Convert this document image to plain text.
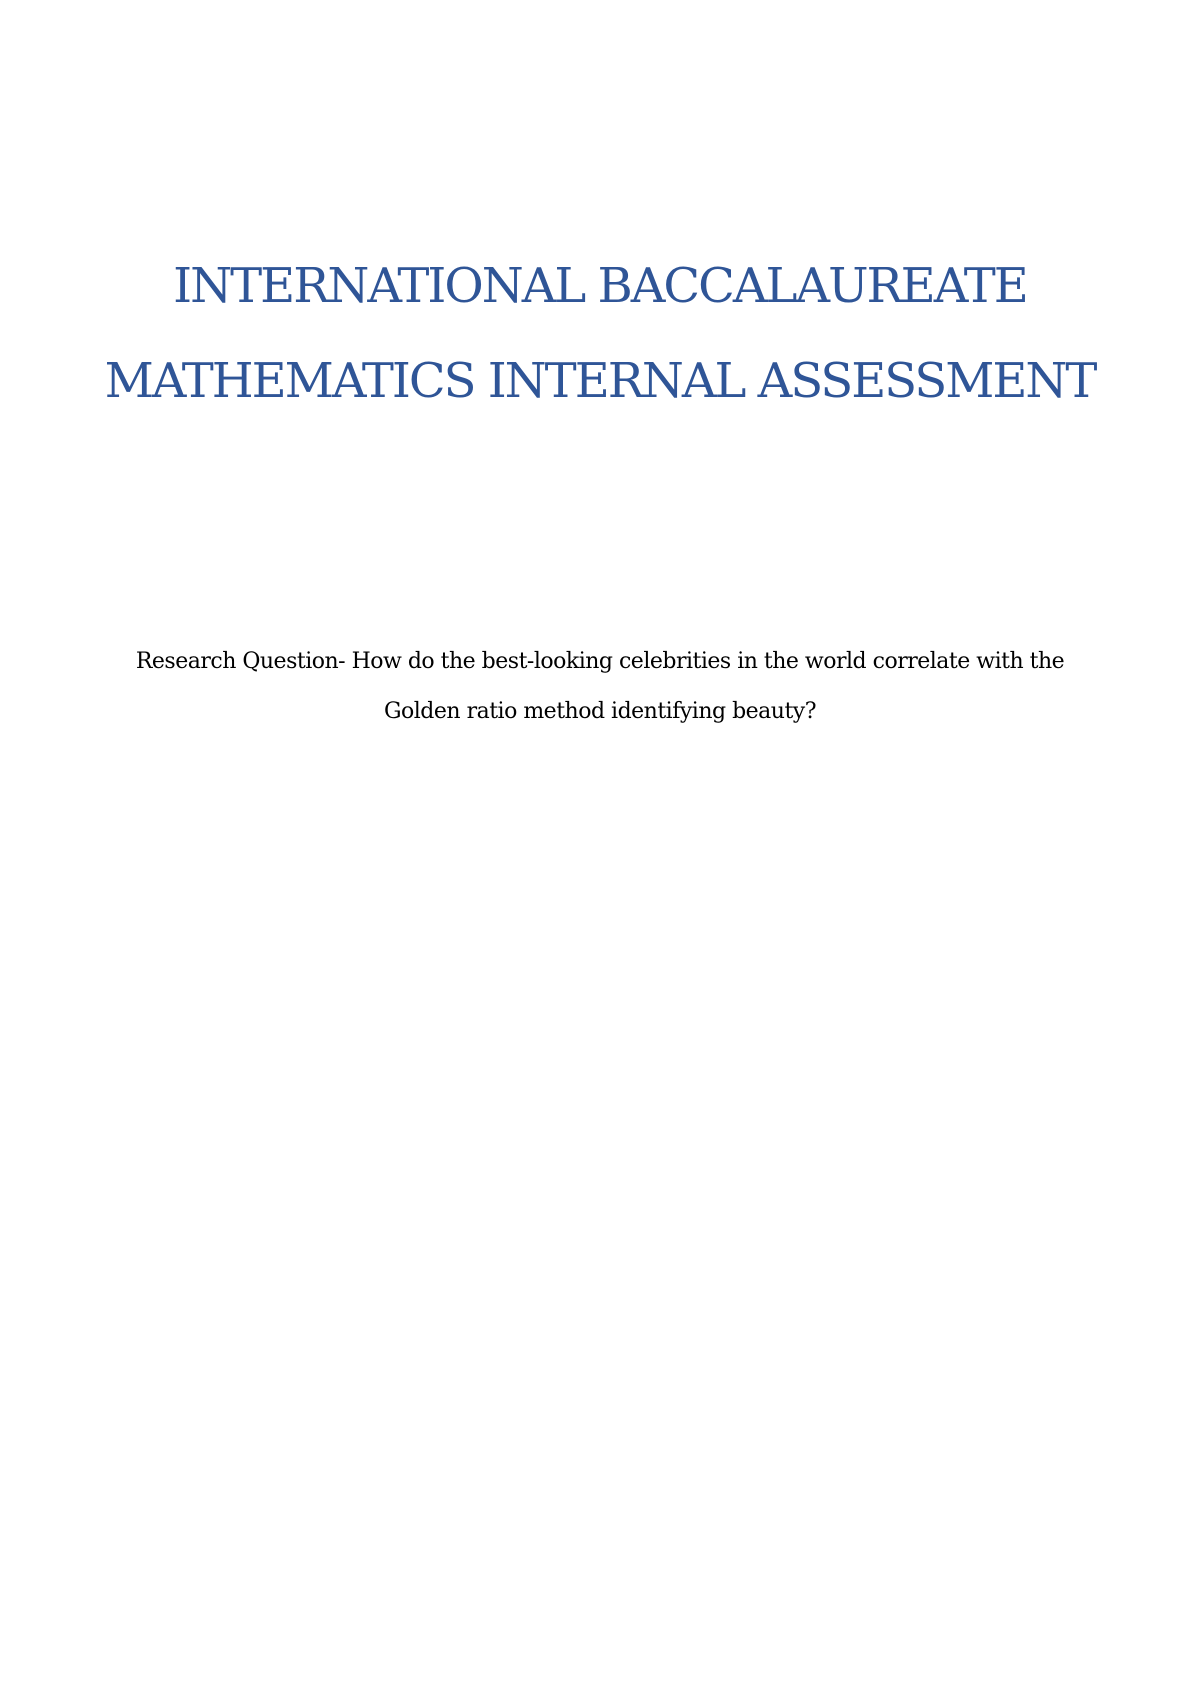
INTERNATIONAL BACCALAUREATE
MATHEMATICS INTERNAL ASSESSMENT
Research Question- How do the best-looking celebrities in the world correlate with the
Golden ratio method identifying beauty?
